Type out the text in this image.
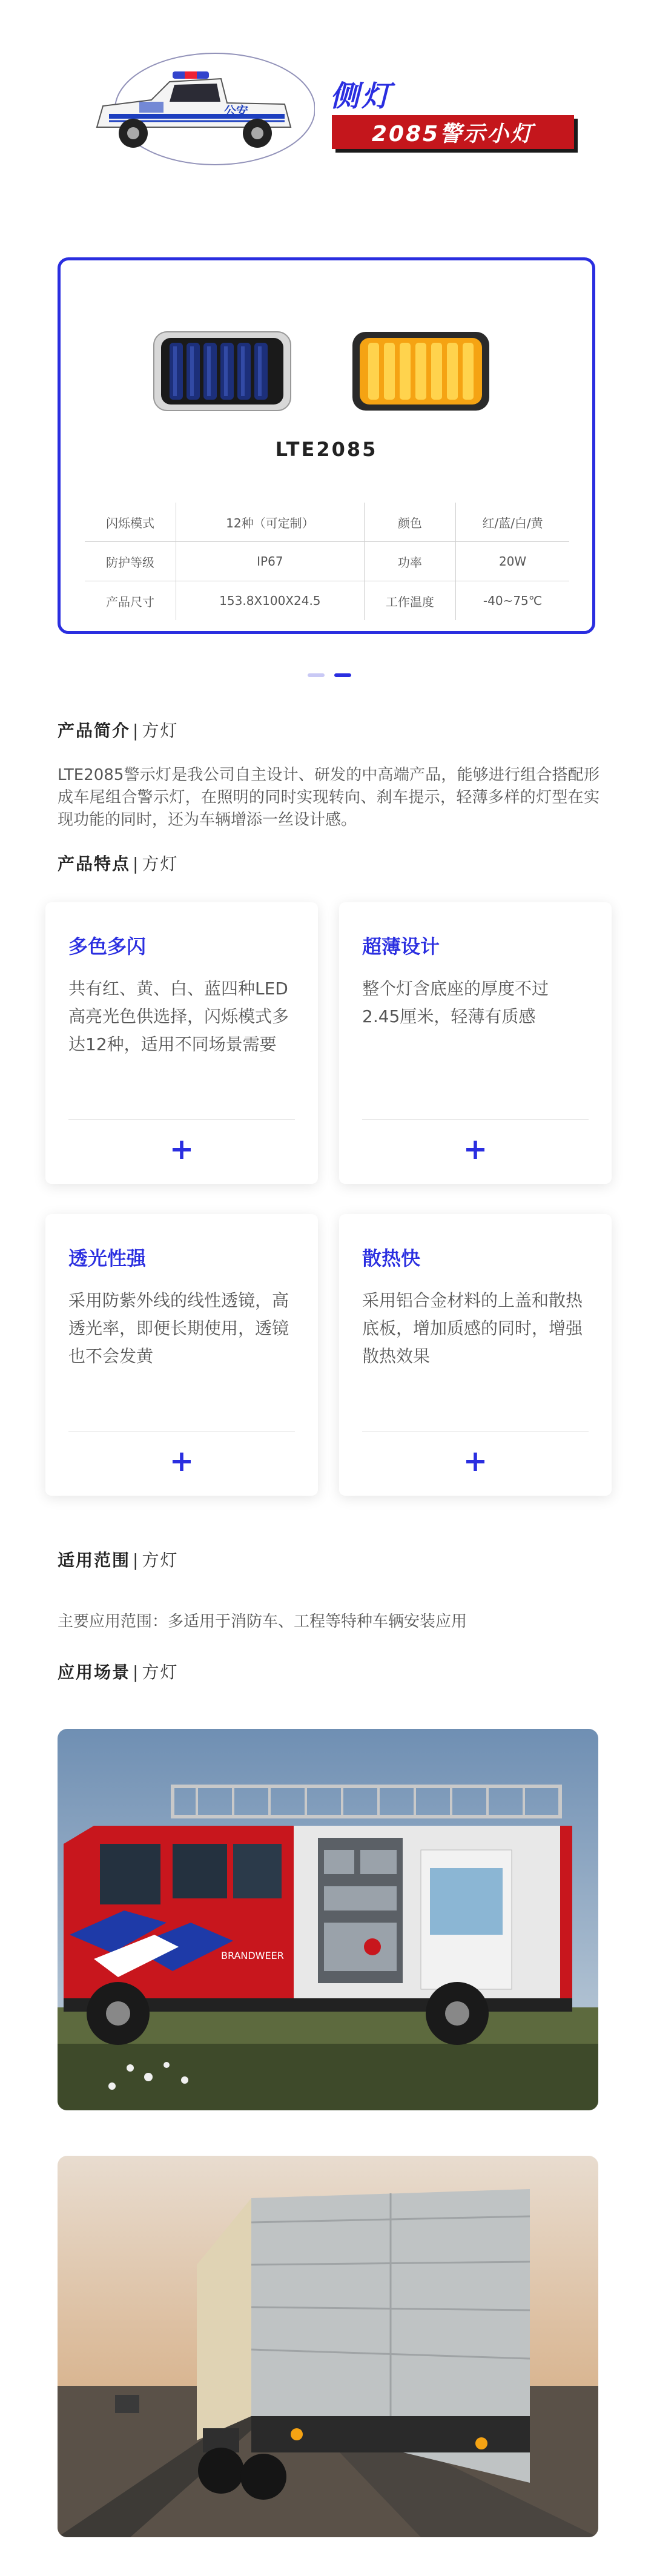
公安	侧灯
2085警示小灯
LTE2085
闪烁模式	12种（可定制）	颜色	红/蓝/白/黄
防护等级	IP67	功率	20W
产品尺寸	153.8X100X24.5	工作温度	-40~75℃
产品简介 | 方灯
LTE2085警示灯是我公司自主设计、研发的中高端产品，能够进行组合搭配形成车尾组合警示灯，在照明的同时实现转向、刹车提示，轻薄多样的灯型在实现功能的同时，还为车辆增添一丝设计感。
产品特点 | 方灯
多色多闪
共有红、黄、白、蓝四种LED高亮光色供选择，闪烁模式多达12种，适用不同场景需要
+
超薄设计
整个灯含底座的厚度不过2.45厘米，轻薄有质感
+
透光性强
采用防紫外线的线性透镜，高透光率，即便长期使用，透镜也不会发黄
+
散热快
采用铝合金材料的上盖和散热底板，增加质感的同时，增强散热效果
+
适用范围 | 方灯
主要应用范围：多适用于消防车、工程等特种车辆安装应用
应用场景 | 方灯
BRANDWEER
